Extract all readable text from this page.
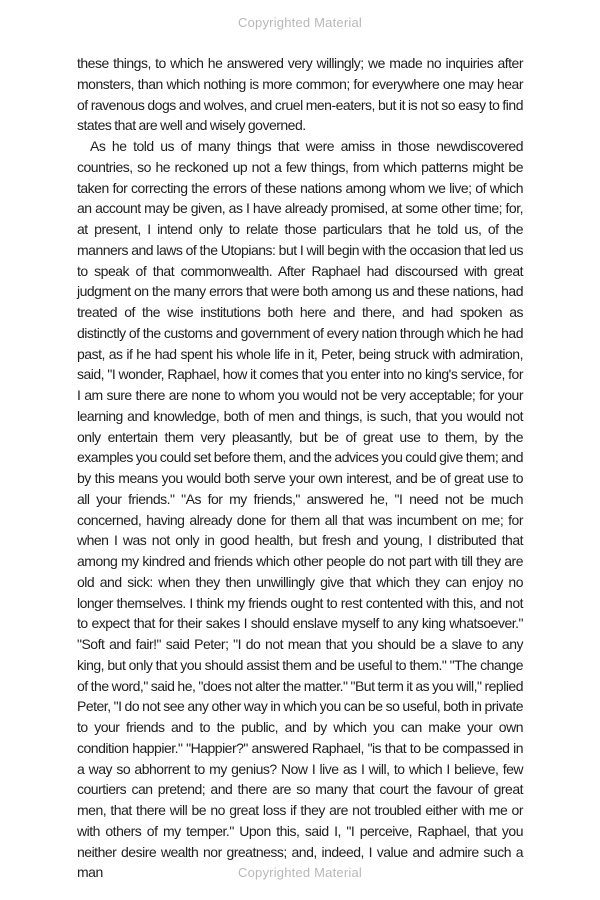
Copyrighted Material

these things, to which he answered very willingly; we made no inquiries after monsters, than which nothing is more common; for everywhere one may hear of ravenous dogs and wolves, and cruel men-eaters, but it is not so easy to find states that are well and wisely governed.

As he told us of many things that were amiss in those newdiscovered countries, so he reckoned up not a few things, from which patterns might be taken for correcting the errors of these nations among whom we live; of which an account may be given, as I have already promised, at some other time; for, at present, I intend only to relate those particulars that he told us, of the manners and laws of the Utopians: but I will begin with the occasion that led us to speak of that commonwealth. After Raphael had discoursed with great judgment on the many errors that were both among us and these nations, had treated of the wise institutions both here and there, and had spoken as distinctly of the customs and government of every nation through which he had past, as if he had spent his whole life in it, Peter, being struck with admiration, said, "I wonder, Raphael, how it comes that you enter into no king's service, for I am sure there are none to whom you would not be very acceptable; for your learning and knowledge, both of men and things, is such, that you would not only entertain them very pleasantly, but be of great use to them, by the examples you could set before them, and the advices you could give them; and by this means you would both serve your own interest, and be of great use to all your friends." "As for my friends," answered he, "I need not be much concerned, having already done for them all that was incumbent on me; for when I was not only in good health, but fresh and young, I distributed that among my kindred and friends which other people do not part with till they are old and sick: when they then unwillingly give that which they can enjoy no longer themselves. I think my friends ought to rest contented with this, and not to expect that for their sakes I should enslave myself to any king whatsoever." "Soft and fair!" said Peter; "I do not mean that you should be a slave to any king, but only that you should assist them and be useful to them." "The change of the word," said he, "does not alter the matter." "But term it as you will," replied Peter, "I do not see any other way in which you can be so useful, both in private to your friends and to the public, and by which you can make your own condition happier." "Happier?" answered Raphael, "is that to be compassed in a way so abhorrent to my genius? Now I live as I will, to which I believe, few courtiers can pretend; and there are so many that court the favour of great men, that there will be no great loss if they are not troubled either with me or with others of my temper." Upon this, said I, "I perceive, Raphael, that you neither desire wealth nor greatness; and, indeed, I value and admire such a man	Copyrighted Material
